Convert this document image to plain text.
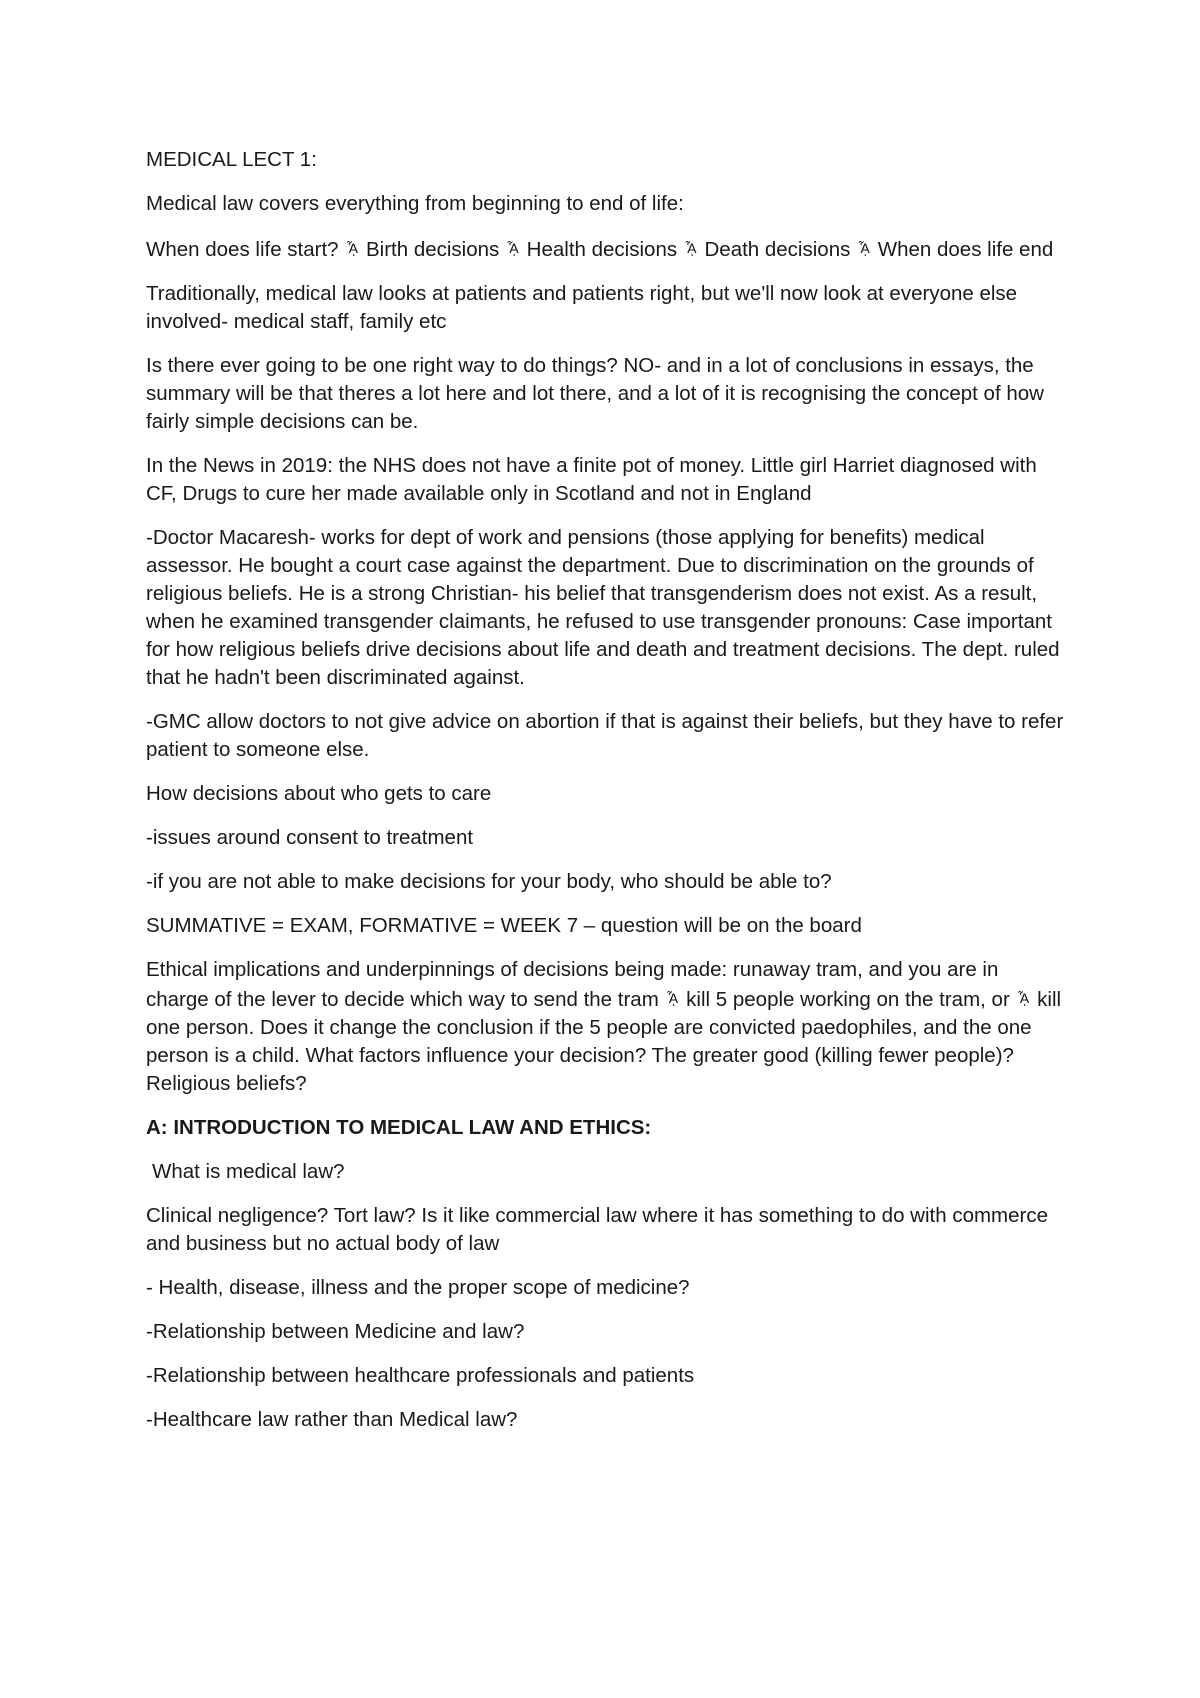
MEDICAL LECT 1:

Medical law covers everything from beginning to end of life:

When does life start? ᾏ Birth decisions ᾏ Health decisions ᾏ Death decisions ᾏ When does life end

Traditionally, medical law looks at patients and patients right, but we'll now look at everyone else involved- medical staff, family etc

Is there ever going to be one right way to do things? NO- and in a lot of conclusions in essays, the summary will be that theres a lot here and lot there, and a lot of it is recognising the concept of how fairly simple decisions can be.

In the News in 2019: the NHS does not have a finite pot of money. Little girl Harriet diagnosed with CF, Drugs to cure her made available only in Scotland and not in England

-Doctor Macaresh- works for dept of work and pensions (those applying for benefits) medical assessor. He bought a court case against the department. Due to discrimination on the grounds of religious beliefs. He is a strong Christian- his belief that transgenderism does not exist. As a result, when he examined transgender claimants, he refused to use transgender pronouns: Case important for how religious beliefs drive decisions about life and death and treatment decisions. The dept. ruled that he hadn't been discriminated against.

-GMC allow doctors to not give advice on abortion if that is against their beliefs, but they have to refer patient to someone else.

How decisions about who gets to care

-issues around consent to treatment

-if you are not able to make decisions for your body, who should be able to?

SUMMATIVE = EXAM, FORMATIVE = WEEK 7 – question will be on the board

Ethical implications and underpinnings of decisions being made: runaway tram, and you are in charge of the lever to decide which way to send the tram ᾏ kill 5 people working on the tram, or ᾏ kill one person. Does it change the conclusion if the 5 people are convicted paedophiles, and the one person is a child. What factors influence your decision? The greater good (killing fewer people)? Religious beliefs?

A: INTRODUCTION TO MEDICAL LAW AND ETHICS:

What is medical law?

Clinical negligence? Tort law? Is it like commercial law where it has something to do with commerce and business but no actual body of law

- Health, disease, illness and the proper scope of medicine?

-Relationship between Medicine and law?

-Relationship between healthcare professionals and patients

-Healthcare law rather than Medical law?
